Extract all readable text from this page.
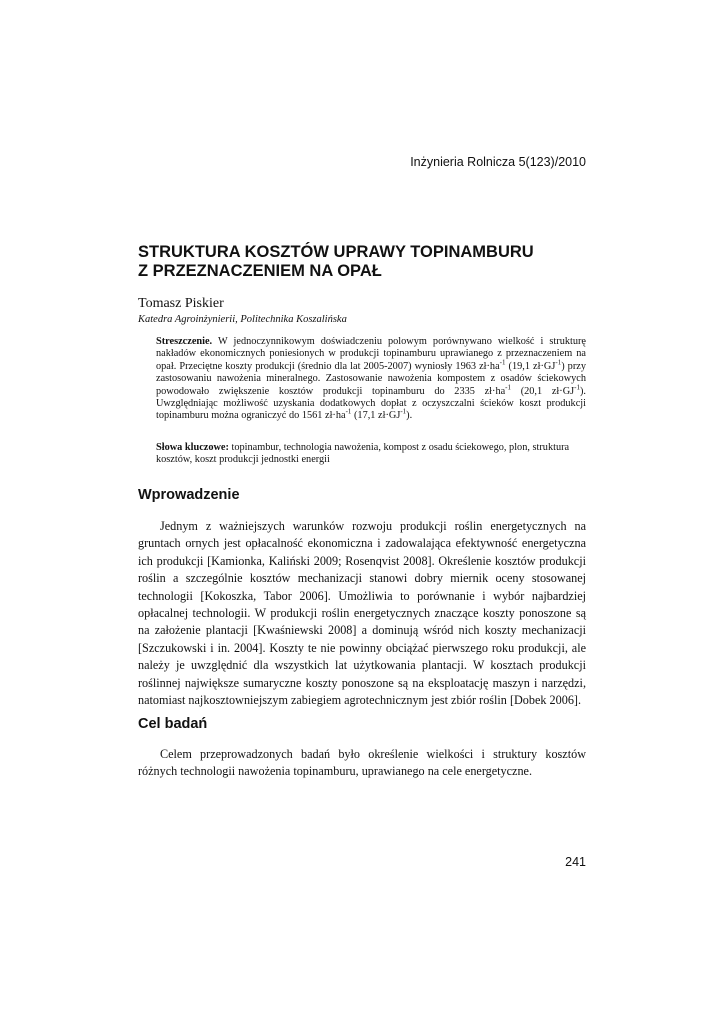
Inżynieria Rolnicza 5(123)/2010
STRUKTURA KOSZTÓW UPRAWY TOPINAMBURU
Z PRZEZNACZENIEM NA OPAŁ
Tomasz Piskier
Katedra Agroinżynierii, Politechnika Koszalińska

Streszczenie. W jednoczynnikowym doświadczeniu polowym porównywano wielkość i strukturę nakładów ekonomicznych poniesionych w produkcji topinamburu uprawianego z przeznaczeniem na opał. Przeciętne koszty produkcji (średnio dla lat 2005-2007) wyniosły 1963 $zł\cdot ha^{-1}$ (19,1 $zł\cdot GJ^{-1}$) przy zastosowaniu nawożenia mineralnego. Zastosowanie nawożenia kompostem z osadów ściekowych powodowało zwiększenie kosztów produkcji topinamburu do 2335 $zł\cdot ha^{-1}$ (20,1 $zł\cdot GJ^{-1}$). Uwzględniając możliwość uzyskania dodatkowych dopłat z oczyszczalni ścieków koszt produkcji topinamburu można ograniczyć do 1561 $zł\cdot ha^{-1}$ (17,1 $zł\cdot GJ^{-1}$).

Słowa kluczowe: topinambur, technologia nawożenia, kompost z osadu ściekowego, plon, struktura kosztów, koszt produkcji jednostki energii

Wprowadzenie

Jednym z ważniejszych warunków rozwoju produkcji roślin energetycznych na gruntach ornych jest opłacalność ekonomiczna i zadowalająca efektywność energetyczna ich produkcji [Kamionka, Kaliński 2009; Rosenqvist 2008]. Określenie kosztów produkcji roślin a szczególnie kosztów mechanizacji stanowi dobry miernik oceny stosowanej technologii [Kokoszka, Tabor 2006]. Umożliwia to porównanie i wybór najbardziej opłacalnej technologii. W produkcji roślin energetycznych znaczące koszty ponoszone są na założenie plantacji [Kwaśniewski 2008] a dominują wśród nich koszty mechanizacji [Szczukowski i in. 2004]. Koszty te nie powinny obciążać pierwszego roku produkcji, ale należy je uwzględnić dla wszystkich lat użytkowania plantacji. W kosztach produkcji roślinnej największe sumaryczne koszty ponoszone są na eksploatację maszyn i narzędzi, natomiast najkosztowniejszym zabiegiem agrotechnicznym jest zbiór roślin [Dobek 2006].

Cel badań

Celem przeprowadzonych badań było określenie wielkości i struktury kosztów różnych technologii nawożenia topinamburu, uprawianego na cele energetyczne.

241
